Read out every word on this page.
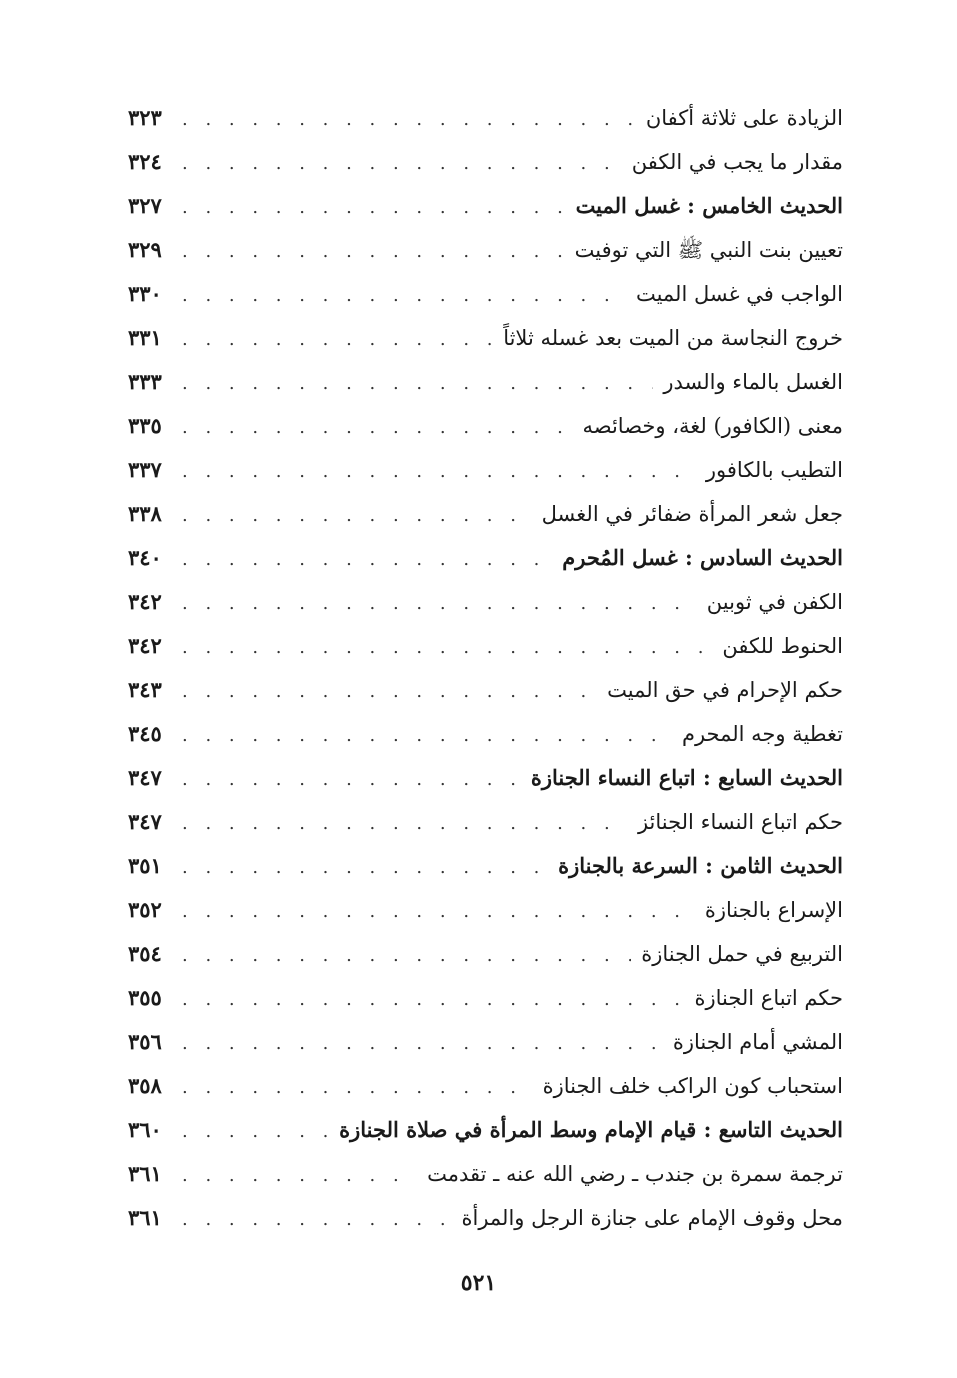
الزيادة على ثلاثة أكفان
. . .
٣٢٣
مقدار ما يجب في الكفن
. . .
٣٢٤
الحديث الخامس : غسل الميت
. . .
٣٢٧
تعيين بنت النبي ﷺ التي توفيت
. . .
٣٢٩
الواجب في غسل الميت
. . .
٣٣٠
خروج النجاسة من الميت بعد غسله ثلاثاً
. . .
٣٣١
الغسل بالماء والسدر
. . .
٣٣٣
معنى (الكافور) لغة، وخصائصه
. . .
٣٣٥
التطيب بالكافور
. . .
٣٣٧
جعل شعر المرأة ضفائر في الغسل
. . .
٣٣٨
الحديث السادس : غسل المُحرم
. . .
٣٤٠
الكفن في ثوبين
. . .
٣٤٢
الحنوط للكفن
. . .
٣٤٢
حكم الإحرام في حق الميت
. . .
٣٤٣
تغطية وجه المحرم
. . .
٣٤٥
الحديث السابع : اتباع النساء الجنازة
. . .
٣٤٧
حكم اتباع النساء الجنائز
. . .
٣٤٧
الحديث الثامن : السرعة بالجنازة
. . .
٣٥١
الإسراع بالجنازة
. . .
٣٥٢
التربيع في حمل الجنازة
. . .
٣٥٤
حكم اتباع الجنازة
. . .
٣٥٥
المشي أمام الجنازة
. . .
٣٥٦
استحباب كون الراكب خلف الجنازة
. . .
٣٥٨
الحديث التاسع : قيام الإمام وسط المرأة في صلاة الجنازة
. . .
٣٦٠
ترجمة سمرة بن جندب ـ رضي الله عنه ـ تقدمت
. . .
٣٦١
محل وقوف الإمام على جنازة الرجل والمرأة
. . .
٣٦١
٥٢١
